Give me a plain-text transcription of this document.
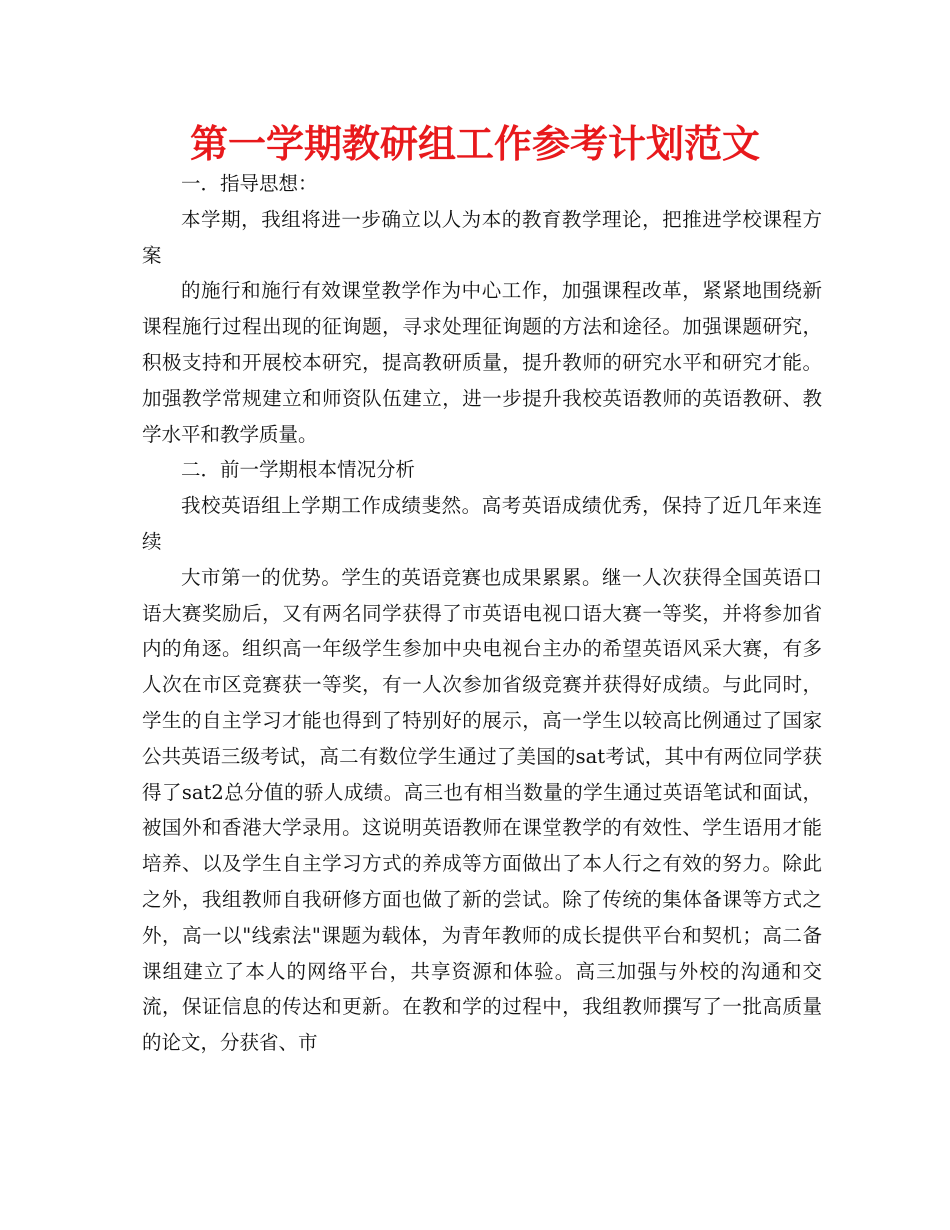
第一学期教研组工作参考计划范文

一．指导思想：

本学期，我组将进一步确立以人为本的教育教学理论，把推进学校课程方案

的施行和施行有效课堂教学作为中心工作，加强课程改革，紧紧地围绕新课程施行过程出现的征询题，寻求处理征询题的方法和途径。加强课题研究，积极支持和开展校本研究，提高教研质量，提升教师的研究水平和研究才能。加强教学常规建立和师资队伍建立，进一步提升我校英语教师的英语教研、教学水平和教学质量。

二．前一学期根本情况分析

我校英语组上学期工作成绩斐然。高考英语成绩优秀，保持了近几年来连续

大市第一的优势。学生的英语竞赛也成果累累。继一人次获得全国英语口语大赛奖励后，又有两名同学获得了市英语电视口语大赛一等奖，并将参加省内的角逐。组织高一年级学生参加中央电视台主办的希望英语风采大赛，有多人次在市区竞赛获一等奖，有一人次参加省级竞赛并获得好成绩。与此同时，学生的自主学习才能也得到了特别好的展示，高一学生以较高比例通过了国家公共英语三级考试，高二有数位学生通过了美国的sat考试，其中有两位同学获得了sat2总分值的骄人成绩。高三也有相当数量的学生通过英语笔试和面试，被国外和香港大学录用。这说明英语教师在课堂教学的有效性、学生语用才能培养、以及学生自主学习方式的养成等方面做出了本人行之有效的努力。除此之外，我组教师自我研修方面也做了新的尝试。除了传统的集体备课等方式之外，高一以"线索法"课题为载体，为青年教师的成长提供平台和契机；高二备课组建立了本人的网络平台，共享资源和体验。高三加强与外校的沟通和交流，保证信息的传达和更新。在教和学的过程中，我组教师撰写了一批高质量的论文，分获省、市
